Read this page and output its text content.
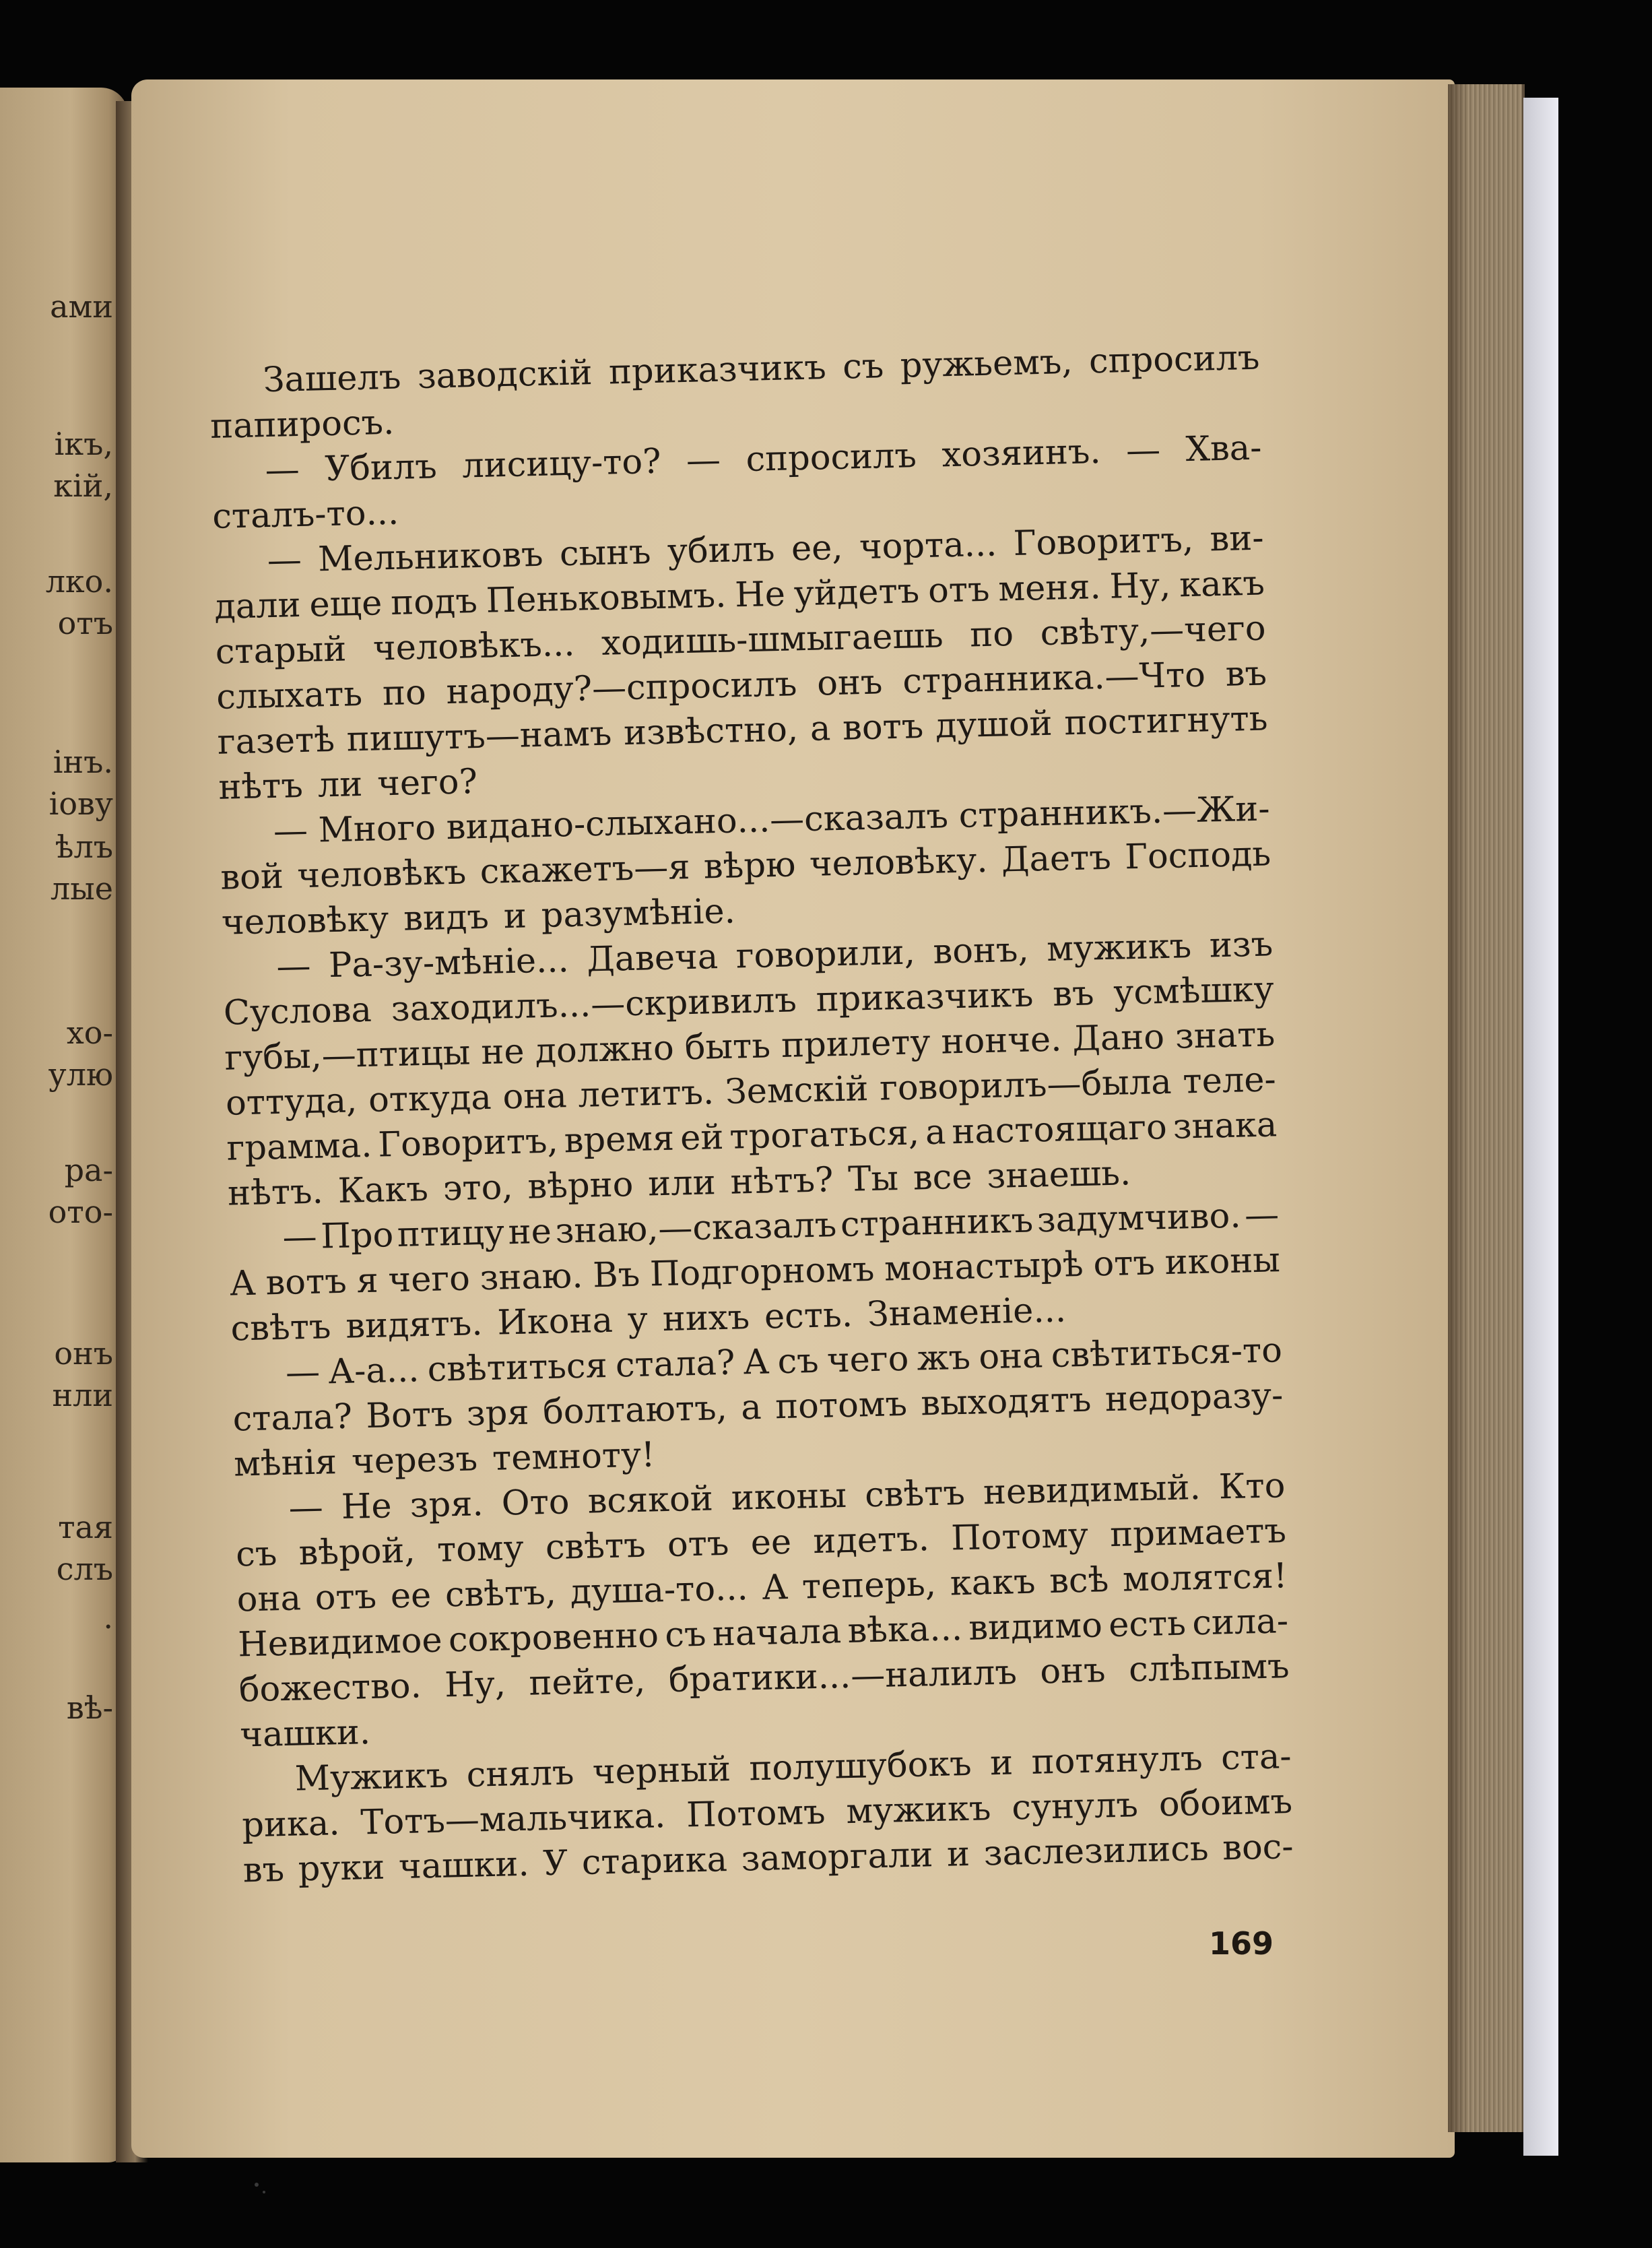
ами
ікъ,
кій,
лко.
отъ
інъ.
іову
ѣлъ
лые
хо-
улю
ра-
ото-
онъ
нли
тая
слъ
.
вѣ-
Зашелъ заводскій приказчикъ съ ружьемъ, спросилъ
папиросъ.
— Убилъ лисицу-то? — спросилъ хозяинъ. — Хва-
сталъ-то...
— Мельниковъ сынъ убилъ ее, чорта... Говоритъ, ви-
дали еще подъ Пеньковымъ. Не уйдетъ отъ меня. Ну, какъ
старый человѣкъ... ходишь-шмыгаешь по свѣту,—чего
слыхать по народу?—спросилъ онъ странника.—Что въ
газетѣ пишутъ—намъ извѣстно, а вотъ душой постигнуть
нѣтъ ли чего?
— Много видано-слыхано...—сказалъ странникъ.—Жи-
вой человѣкъ скажетъ—я вѣрю человѣку. Даетъ Господь
человѣку видъ и разумѣніе.
— Ра-зу-мѣніе... Давеча говорили, вонъ, мужикъ изъ
Суслова заходилъ...—скривилъ приказчикъ въ усмѣшку
губы,—птицы не должно быть прилету нонче. Дано знать
оттуда, откуда она летитъ. Земскій говорилъ—была теле-
грамма. Говоритъ, время ей трогаться, а настоящаго знака
нѣтъ. Какъ это, вѣрно или нѣтъ? Ты все знаешь.
— Про птицу не знаю,—сказалъ странникъ задумчиво. —
А вотъ я чего знаю. Въ Подгорномъ монастырѣ отъ иконы
свѣтъ видятъ. Икона у нихъ есть. Знаменіе...
— А-а... свѣтиться стала? А съ чего жъ она свѣтиться-то
стала? Вотъ зря болтаютъ, а потомъ выходятъ недоразу-
мѣнія черезъ темноту!
— Не зря. Ото всякой иконы свѣтъ невидимый. Кто
съ вѣрой, тому свѣтъ отъ ее идетъ. Потому примаетъ
она отъ ее свѣтъ, душа-то... А теперь, какъ всѣ молятся!
Невидимое сокровенно съ начала вѣка... видимо есть сила-
божество. Ну, пейте, братики...—налилъ онъ слѣпымъ
чашки.
Мужикъ снялъ черный полушубокъ и потянулъ ста-
рика. Тотъ—мальчика. Потомъ мужикъ сунулъ обоимъ
въ руки чашки. У старика заморгали и заслезились вос-
169
